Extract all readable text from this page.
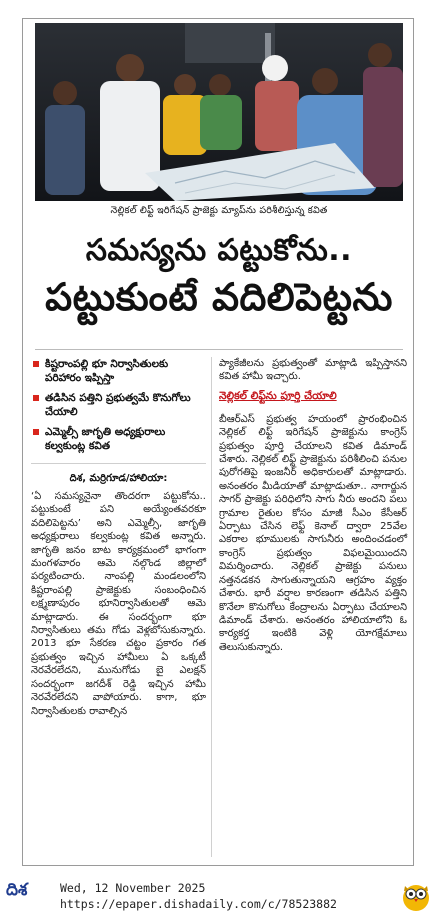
నెల్లికల్ లిఫ్ట్ ఇరిగేషన్ ప్రాజెక్టు మ్యాప్‌ను పరిశీలిస్తున్న కవిత
సమస్యను పట్టుకోను..
పట్టుకుంటే వదిలిపెట్టను
కిష్టరాంపల్లి భూ నిర్వాసితులకు పరిహారం ఇప్పిస్తా
తడిసిన పత్తిని ప్రభుత్వమే కొనుగోలు చేయాలి
ఎమ్మెల్సీ జాగృతి అధ్యక్షురాలు కల్వకుంట్ల కవిత
దిశ, మర్రిగూడ/హాలియా:
‘ఏ సమస్యనైనా తొందరగా పట్టుకోను.. పట్టుకుంటే పని అయ్యేంతవరకూ వదిలిపెట్టను’ అని ఎమ్మెల్సీ, జాగృతి అధ్యక్షురాలు కల్వకుంట్ల కవిత అన్నారు. జాగృతి జనం బాట కార్యక్రమంలో భాగంగా మంగళవారం ఆమె నల్గొండ జిల్లాలో పర్యటించారు. నాంపల్లి మండలంలోని కిష్టరాంపల్లి ప్రాజెక్టుకు సంబంధించిన లక్ష్మణాపురం భూనిర్వాసితులతో ఆమె మాట్లాడారు. ఈ సందర్భంగా భూ నిర్వాసితులు తమ గోడు వెళ్లబోసుకున్నారు. 2013 భూ సేకరణ చట్టం ప్రకారం గత ప్రభుత్వం ఇచ్చిన హామీలు ఏ ఒక్కటీ నెరవేరలేదని, మునుగోడు బై ఎలక్షన్ సందర్భంగా జగదీశ్ రెడ్డి ఇచ్చిన హామీ నెరవేరలేదని వాపోయారు. కాగా, భూ నిర్వాసితులకు రావాల్సిన
ప్యాకేజీలను ప్రభుత్వంతో మాట్లాడి ఇప్పిస్తానని కవిత హామీ ఇచ్చారు.
నెల్లికల్ లిఫ్ట్‌ను పూర్తి చేయాలి
బీఆర్ఎస్ ప్రభుత్వ హయంలో ప్రారంభించిన నెల్లికల్ లిఫ్ట్ ఇరిగేషన్ ప్రాజెక్టును కాంగ్రెస్ ప్రభుత్వం పూర్తి చేయాలని కవిత డిమాండ్ చేశారు. నెల్లికల్ లిఫ్ట్ ప్రాజెక్టును పరిశీలించి పనుల పురోగతిపై ఇంజనీర్ అధికారులతో మాట్లాడారు. అనంతరం మీడియాతో మాట్లాడుతూ.. నాగార్జున సాగర్ ప్రాజెక్టు పరిధిలోని సాగు నీరు అందని పలు గ్రామాల రైతుల కోసం మాజీ సీఎం కేసీఆర్ ఏర్పాటు చేసిన లెఫ్ట్ కెనాల్ ద్వారా 25వేల ఎకరాల భూములకు సాగునీరు అందించడంలో కాంగ్రెస్ ప్రభుత్వం విఫలమైయిందని విమర్శించారు. నెల్లికల్ ప్రాజెక్టు పనులు నత్తనడకన సాగుతున్నాయని ఆగ్రహం వ్యక్తం చేశారు. భారీ వర్షాల కారణంగా తడిసిన పత్తిని కొనేలా కొనుగోలు కేంద్రాలను ఏర్పాటు చేయాలని డిమాండ్ చేశారు. అనంతరం హాలియాలోని ఓ కార్యకర్త ఇంటికి వెళ్లి యోగక్షేమాలు తెలుసుకున్నారు.
దిశ	Wed, 12 November 2025
https://epaper.dishadaily.com/c/78523882
